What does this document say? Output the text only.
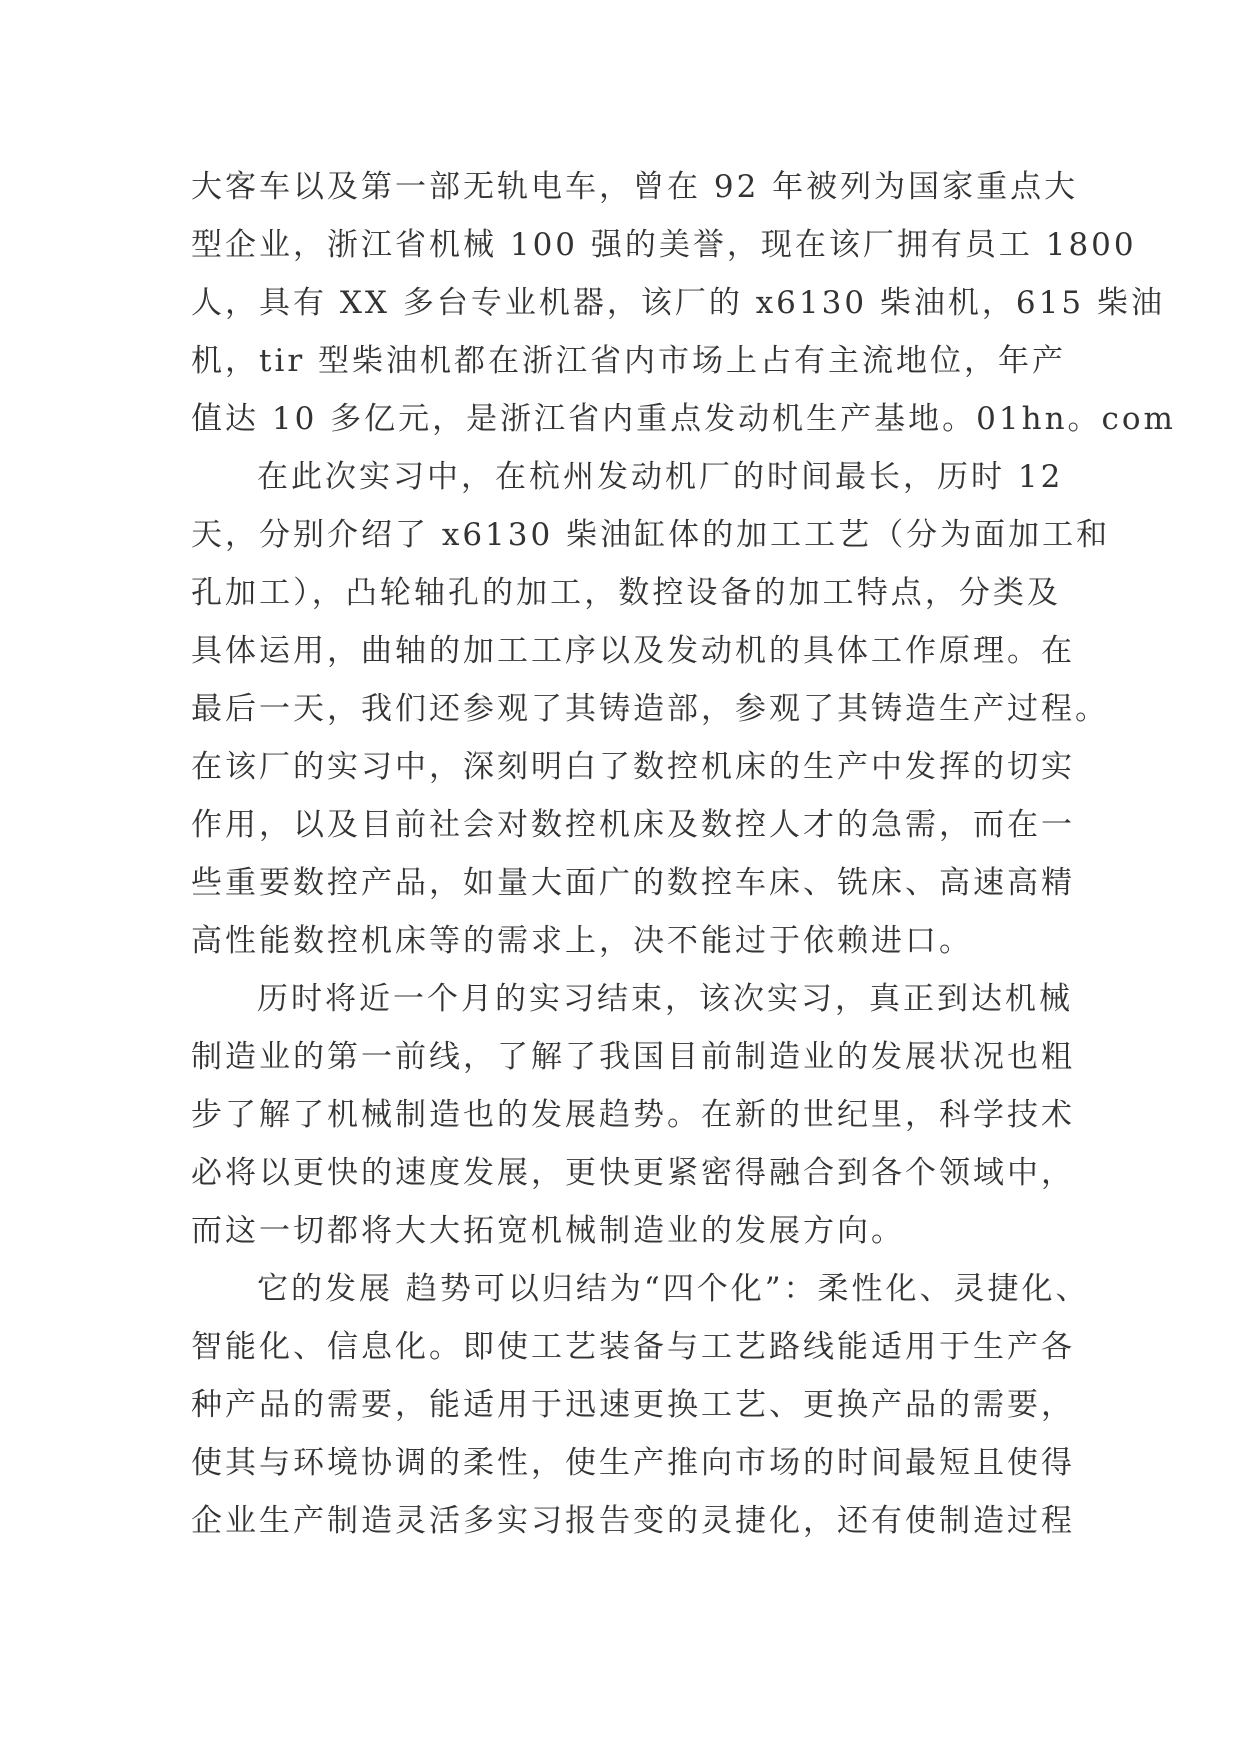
大客车以及第一部无轨电车，曾在 92 年被列为国家重点大
型企业，浙江省机械 100 强的美誉，现在该厂拥有员工 1800
人，具有 XX 多台专业机器，该厂的 x6130 柴油机，615 柴油
机，tir 型柴油机都在浙江省内市场上占有主流地位，年产
值达 10 多亿元，是浙江省内重点发动机生产基地。01hn。com
在此次实习中，在杭州发动机厂的时间最长，历时 12
天，分别介绍了 x6130 柴油缸体的加工工艺（分为面加工和
孔加工），凸轮轴孔的加工，数控设备的加工特点，分类及
具体运用，曲轴的加工工序以及发动机的具体工作原理。在
最后一天，我们还参观了其铸造部，参观了其铸造生产过程。
在该厂的实习中，深刻明白了数控机床的生产中发挥的切实
作用，以及目前社会对数控机床及数控人才的急需，而在一
些重要数控产品，如量大面广的数控车床、铣床、高速高精
高性能数控机床等的需求上，决不能过于依赖进口。
历时将近一个月的实习结束，该次实习，真正到达机械
制造业的第一前线，了解了我国目前制造业的发展状况也粗
步了解了机械制造也的发展趋势。在新的世纪里，科学技术
必将以更快的速度发展，更快更紧密得融合到各个领域中，
而这一切都将大大拓宽机械制造业的发展方向。
它的发展 趋势可以归结为“四个化”：柔性化、灵捷化、
智能化、信息化。即使工艺装备与工艺路线能适用于生产各
种产品的需要，能适用于迅速更换工艺、更换产品的需要，
使其与环境协调的柔性，使生产推向市场的时间最短且使得
企业生产制造灵活多实习报告变的灵捷化，还有使制造过程
